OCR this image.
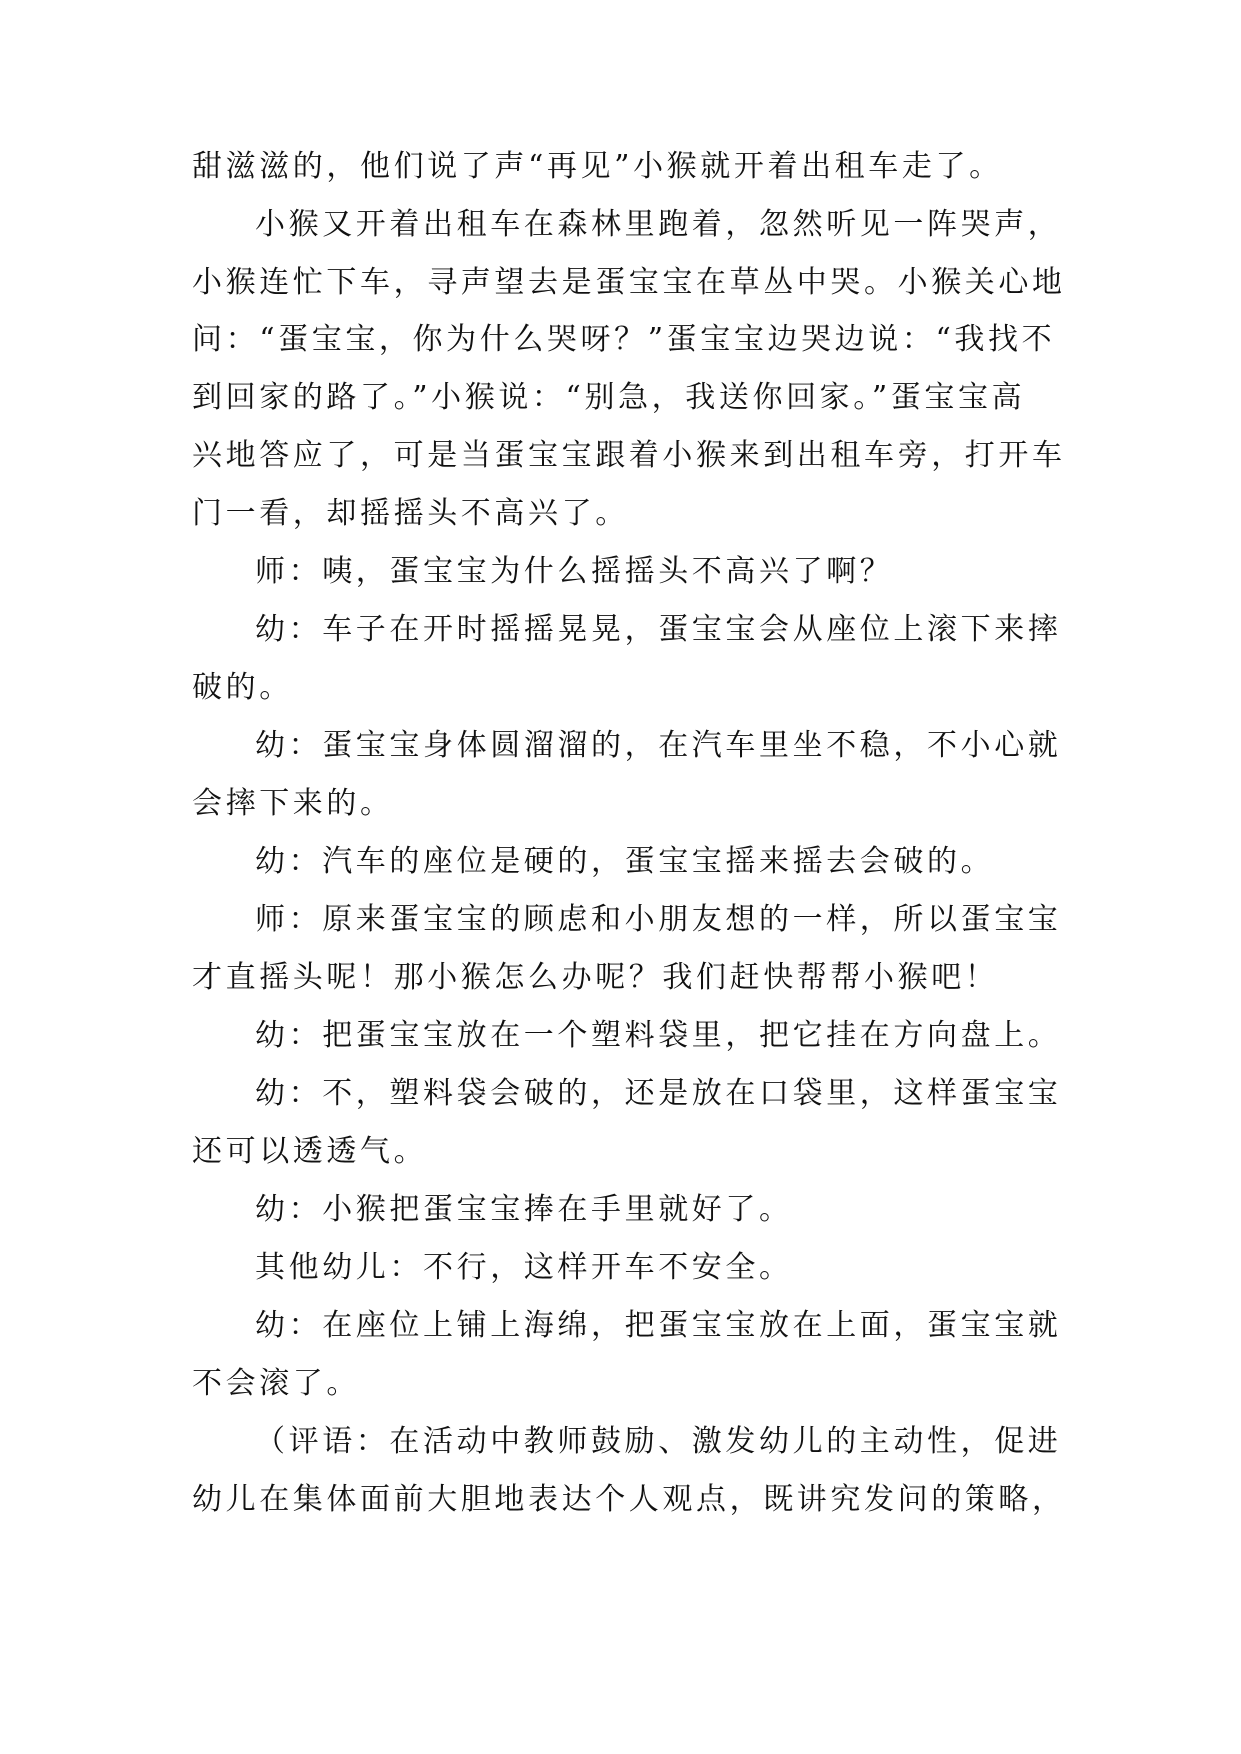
甜滋滋的，他们说了声“再见”小猴就开着出租车走了。
小猴又开着出租车在森林里跑着，忽然听见一阵哭声，
小猴连忙下车，寻声望去是蛋宝宝在草丛中哭。小猴关心地
问：“蛋宝宝，你为什么哭呀？”蛋宝宝边哭边说：“我找不
到回家的路了。”小猴说：“别急，我送你回家。”蛋宝宝高
兴地答应了，可是当蛋宝宝跟着小猴来到出租车旁，打开车
门一看，却摇摇头不高兴了。
师：咦，蛋宝宝为什么摇摇头不高兴了啊？
幼：车子在开时摇摇晃晃，蛋宝宝会从座位上滚下来摔
破的。
幼：蛋宝宝身体圆溜溜的，在汽车里坐不稳，不小心就
会摔下来的。
幼：汽车的座位是硬的，蛋宝宝摇来摇去会破的。
师：原来蛋宝宝的顾虑和小朋友想的一样，所以蛋宝宝
才直摇头呢！那小猴怎么办呢？我们赶快帮帮小猴吧！
幼：把蛋宝宝放在一个塑料袋里，把它挂在方向盘上。
幼：不，塑料袋会破的，还是放在口袋里，这样蛋宝宝
还可以透透气。
幼：小猴把蛋宝宝捧在手里就好了。
其他幼儿：不行，这样开车不安全。
幼：在座位上铺上海绵，把蛋宝宝放在上面，蛋宝宝就
不会滚了。
（评语：在活动中教师鼓励、激发幼儿的主动性，促进
幼儿在集体面前大胆地表达个人观点，既讲究发问的策略，
